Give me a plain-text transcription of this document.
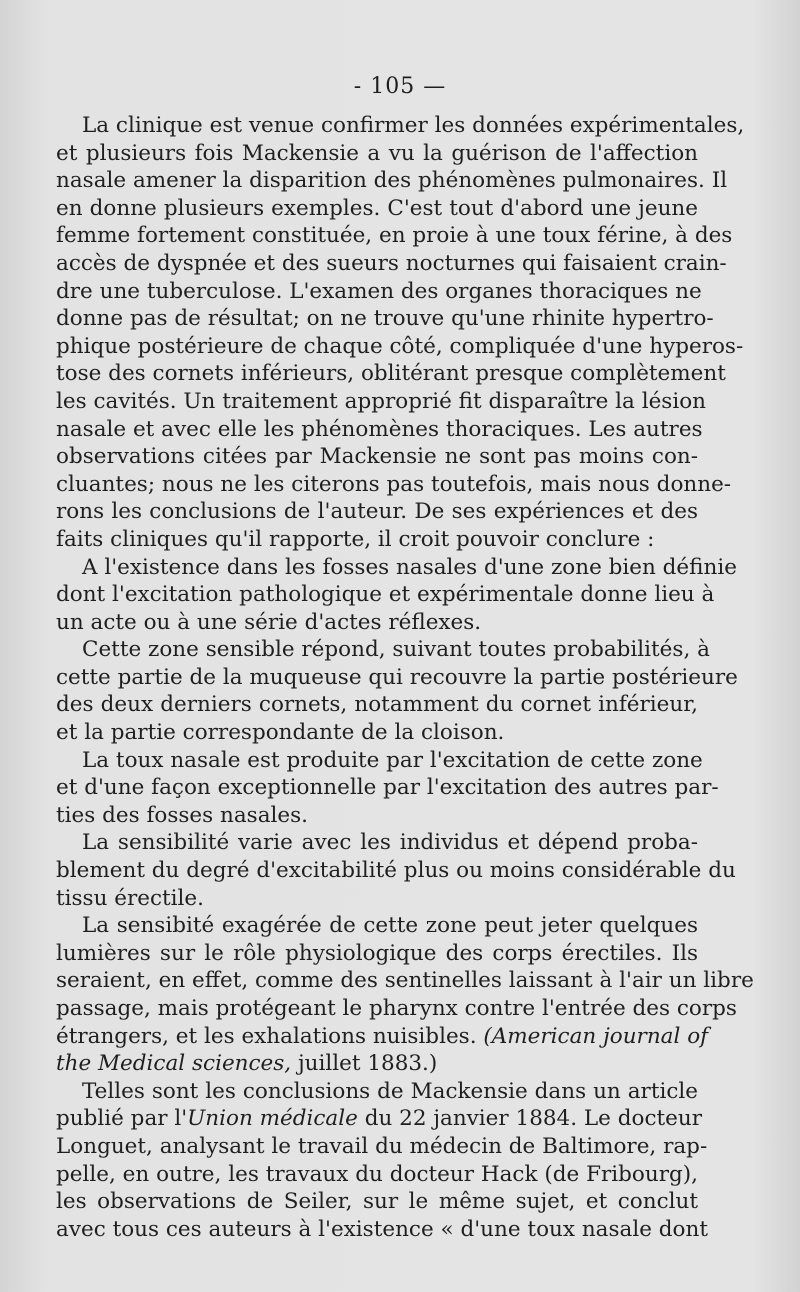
- 105 —
La clinique est venue confirmer les données expérimentales,
et plusieurs fois Mackensie a vu la guérison de l'affection
nasale amener la disparition des phénomènes pulmonaires. Il
en donne plusieurs exemples. C'est tout d'abord une jeune
femme fortement constituée, en proie à une toux férine, à des
accès de dyspnée et des sueurs nocturnes qui faisaient crain-
dre une tuberculose. L'examen des organes thoraciques ne
donne pas de résultat; on ne trouve qu'une rhinite hypertro-
phique postérieure de chaque côté, compliquée d'une hyperos-
tose des cornets inférieurs, oblitérant presque complètement
les cavités. Un traitement approprié fit disparaître la lésion
nasale et avec elle les phénomènes thoraciques. Les autres
observations citées par Mackensie ne sont pas moins con-
cluantes; nous ne les citerons pas toutefois, mais nous donne-
rons les conclusions de l'auteur. De ses expériences et des
faits cliniques qu'il rapporte, il croit pouvoir conclure :
A l'existence dans les fosses nasales d'une zone bien définie
dont l'excitation pathologique et expérimentale donne lieu à
un acte ou à une série d'actes réflexes.
Cette zone sensible répond, suivant toutes probabilités, à
cette partie de la muqueuse qui recouvre la partie postérieure
des deux derniers cornets, notamment du cornet inférieur,
et la partie correspondante de la cloison.
La toux nasale est produite par l'excitation de cette zone
et d'une façon exceptionnelle par l'excitation des autres par-
ties des fosses nasales.
La sensibilité varie avec les individus et dépend proba-
blement du degré d'excitabilité plus ou moins considérable du
tissu érectile.
La sensibité exagérée de cette zone peut jeter quelques
lumières sur le rôle physiologique des corps érectiles. Ils
seraient, en effet, comme des sentinelles laissant à l'air un libre
passage, mais protégeant le pharynx contre l'entrée des corps
étrangers, et les exhalations nuisibles. (American journal of
the Medical sciences, juillet 1883.)
Telles sont les conclusions de Mackensie dans un article
publié par l'Union médicale du 22 janvier 1884. Le docteur
Longuet, analysant le travail du médecin de Baltimore, rap-
pelle, en outre, les travaux du docteur Hack (de Fribourg),
les observations de Seiler, sur le même sujet, et conclut
avec tous ces auteurs à l'existence « d'une toux nasale dont
